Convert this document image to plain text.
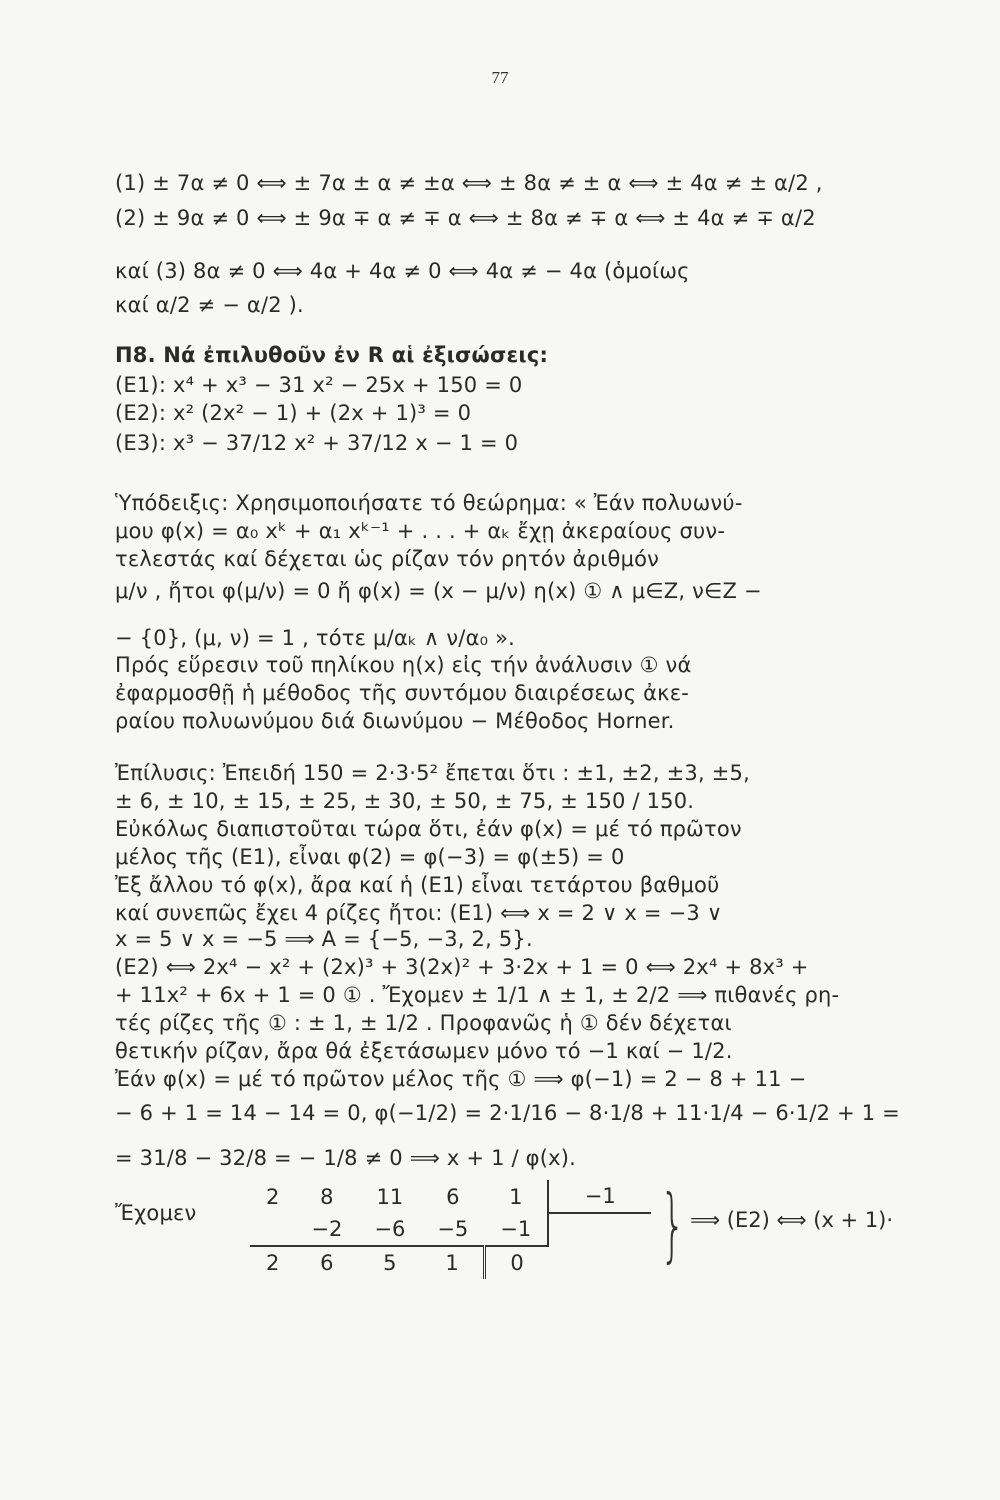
77
(1) ± 7α ≠ 0 ⟺ ± 7α ± α ≠ ±α ⟺ ± 8α ≠ ± α ⟺ ± 4α ≠ ± α/2 ,
(2) ± 9α ≠ 0 ⟺ ± 9α ∓ α ≠ ∓ α ⟺ ± 8α ≠ ∓ α ⟺ ± 4α ≠ ∓ α/2
καί (3) 8α ≠ 0 ⟺ 4α + 4α ≠ 0 ⟺ 4α ≠ − 4α (ὁμοίως
καί α/2 ≠ − α/2 ).
Π8. Νά ἐπιλυθοῦν ἐν R αἱ ἐξισώσεις:
(Ε1): x⁴ + x³ − 31 x² − 25x + 150 = 0
(Ε2): x² (2x² − 1) + (2x + 1)³ = 0
(Ε3): x³ − 37/12 x² + 37/12 x − 1 = 0
Ὑπόδειξις: Χρησιμοποιήσατε τό θεώρημα: « Ἐάν πολυωνύ-
μου φ(x) = α₀ xᵏ + α₁ xᵏ⁻¹ + . . . + αₖ ἔχῃ ἀκεραίους συν-
τελεστάς καί δέχεται ὡς ρίζαν τόν ρητόν ἀριθμόν
μ/ν , ἤτοι φ(μ/ν) = 0 ἤ φ(x) = (x − μ/ν) η(x) ① ∧ μ∈Z, ν∈Z −
− {0}, (μ, ν) = 1 , τότε μ/αₖ ∧ ν/α₀ ».
Πρός εὕρεσιν τοῦ πηλίκου η(x) εἰς τήν ἀνάλυσιν ① νά
ἐφαρμοσθῇ ἡ μέθοδος τῆς συντόμου διαιρέσεως ἀκε-
ραίου πολυωνύμου διά διωνύμου − Μέθοδος Horner.
Ἐπίλυσις: Ἐπειδή 150 = 2·3·5² ἔπεται ὅτι : ±1, ±2, ±3, ±5,
± 6, ± 10, ± 15, ± 25, ± 30, ± 50, ± 75, ± 150 / 150.
Εὐκόλως διαπιστοῦται τώρα ὅτι, ἐάν φ(x) = μέ τό πρῶτον
μέλος τῆς (Ε1), εἶναι φ(2) = φ(−3) = φ(±5) = 0
Ἐξ ἄλλου τό φ(x), ἄρα καί ἡ (Ε1) εἶναι τετάρτου βαθμοῦ
καί συνεπῶς ἔχει 4 ρίζες ἤτοι: (Ε1) ⟺ x = 2 ∨ x = −3 ∨
x = 5 ∨ x = −5 ⟹ A = {−5, −3, 2, 5}.
(Ε2) ⟺ 2x⁴ − x² + (2x)³ + 3(2x)² + 3·2x + 1 = 0 ⟺ 2x⁴ + 8x³ +
+ 11x² + 6x + 1 = 0 ① . Ἔχομεν ± 1/1 ∧ ± 1, ± 2/2 ⟹ πιθανές ρη-
τές ρίζες τῆς ① : ± 1, ± 1/2 . Προφανῶς ἡ ① δέν δέχεται
θετικήν ρίζαν, ἄρα θά ἐξετάσωμεν μόνο τό −1 καί − 1/2.
Ἐάν φ(x) = μέ τό πρῶτον μέλος τῆς ① ⟹ φ(−1) = 2 − 8 + 11 −
− 6 + 1 = 14 − 14 = 0, φ(−1/2) = 2·1/16 − 8·1/8 + 11·1/4 − 6·1/2 + 1 =
= 31/8 − 32/8 = − 1/8 ≠ 0 ⟹ x + 1 / φ(x).
Ἔχομεν
2	8	11	6	1	−1
	−2	−6	−5	−1	
2	6	5	1	0	} ⟹ (Ε2) ⟺ (x + 1)·
